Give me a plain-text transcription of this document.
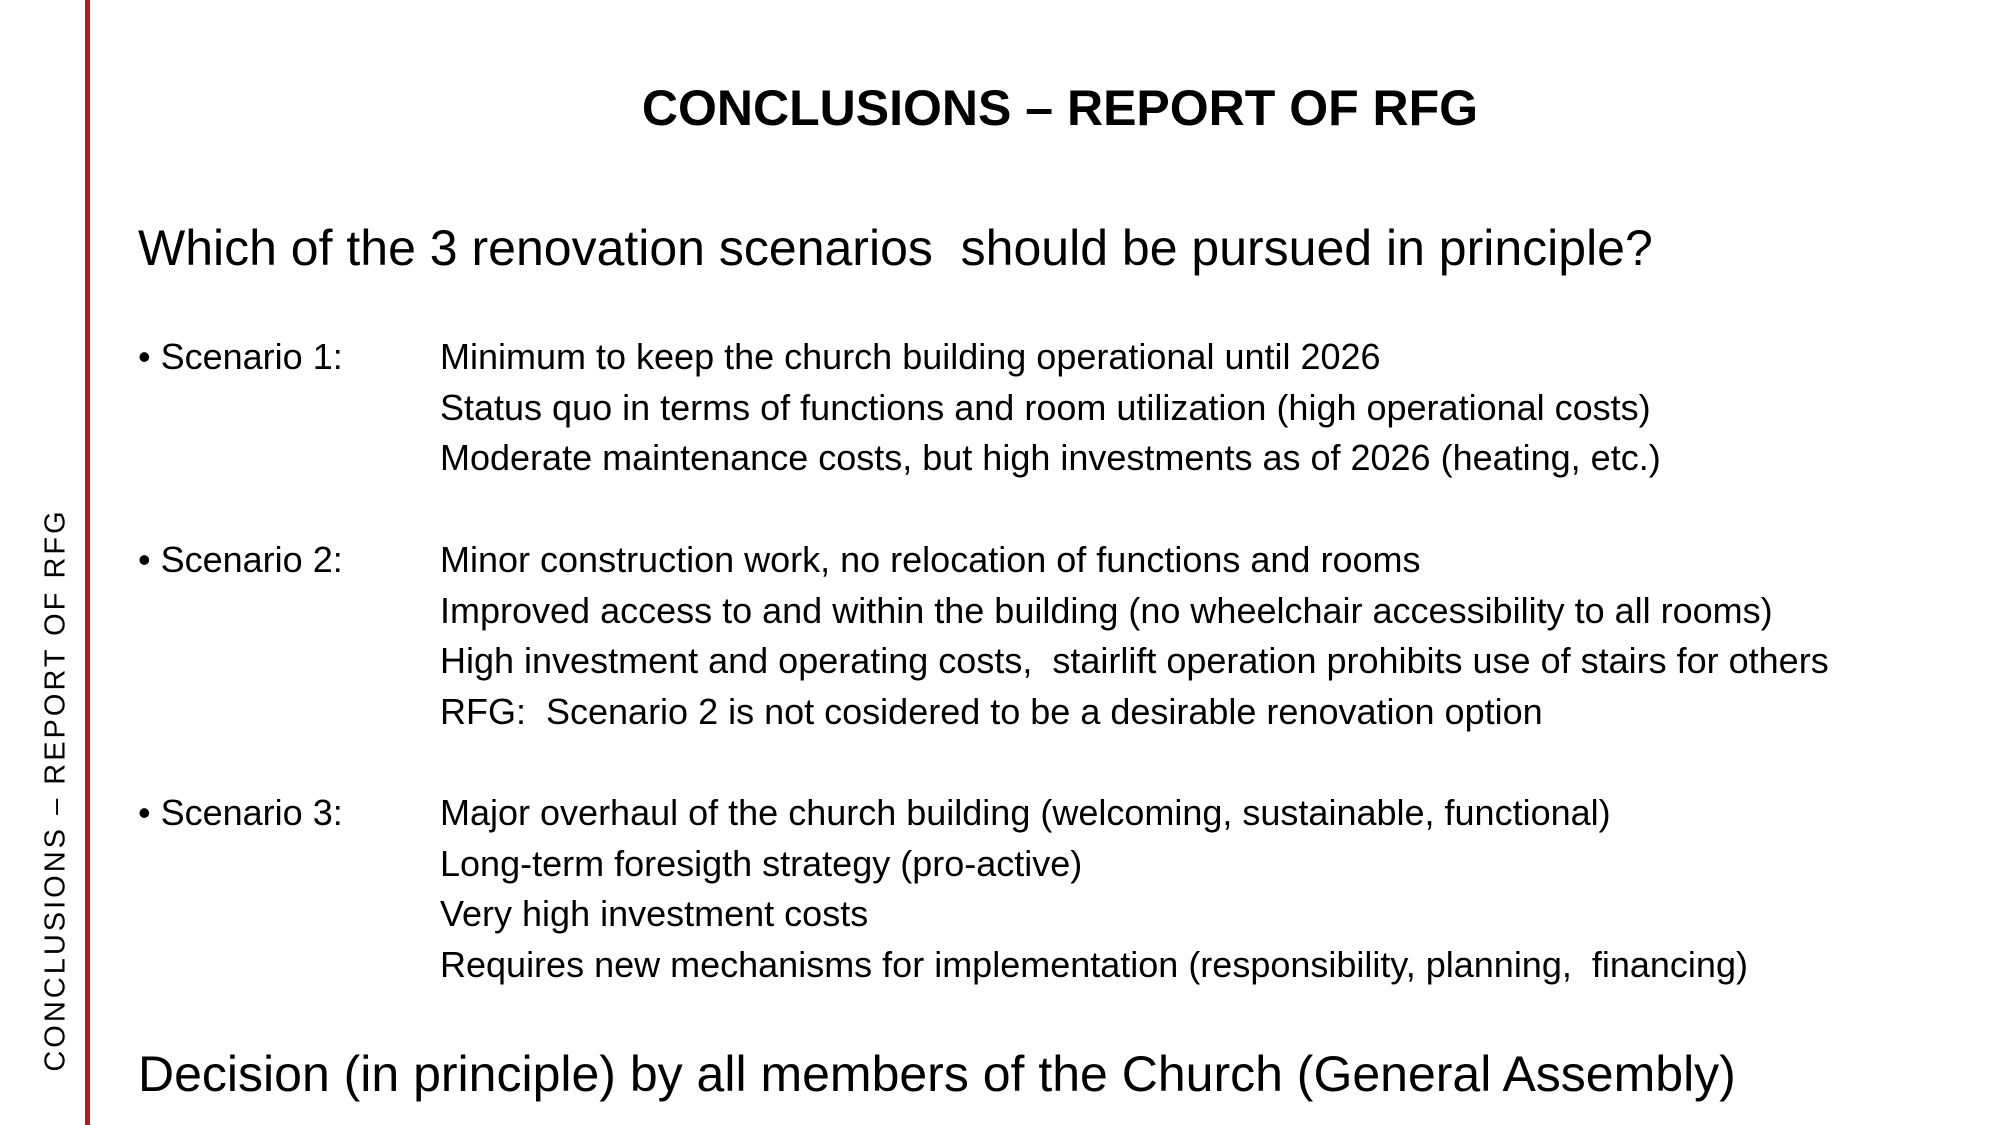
CONCLUSIONS – REPORT OF RFG
CONCLUSIONS – REPORT OF RFG
Which of the 3 renovation scenarios  should be pursued in principle?
• Scenario 1:	Minimum to keep the church building operational until 2026
Status quo in terms of functions and room utilization (high operational costs)
Moderate maintenance costs, but high investments as of 2026 (heating, etc.)
• Scenario 2:	Minor construction work, no relocation of functions and rooms
Improved access to and within the building (no wheelchair accessibility to all rooms)
High investment and operating costs,  stairlift operation prohibits use of stairs for others
RFG:  Scenario 2 is not cosidered to be a desirable renovation option
• Scenario 3:	Major overhaul of the church building (welcoming, sustainable, functional)
Long-term foresigth strategy (pro-active)
Very high investment costs
Requires new mechanisms for implementation (responsibility, planning,  financing)
Decision (in principle) by all members of the Church (General Assembly)
